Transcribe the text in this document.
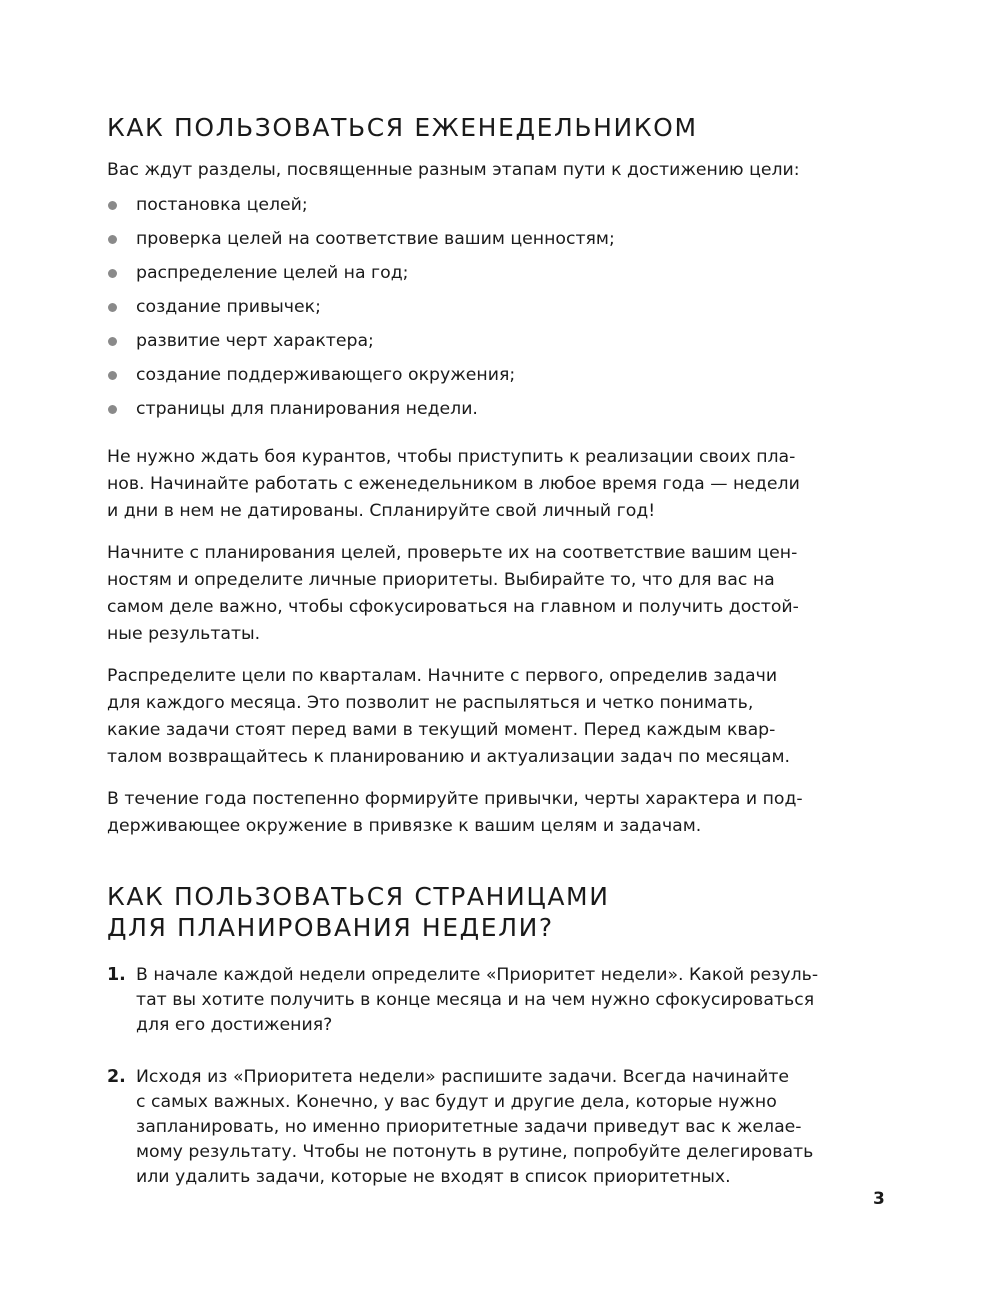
КАК ПОЛЬЗОВАТЬСЯ ЕЖЕНЕДЕЛЬНИКОМ

Вас ждут разделы, посвященные разным этапам пути к достижению цели:

постановка целей;
проверка целей на соответствие вашим ценностям;
распределение целей на год;
создание привычек;
развитие черт характера;
создание поддерживающего окружения;
страницы для планирования недели.

Не нужно ждать боя курантов, чтобы приступить к реализации своих пла-
нов. Начинайте работать с еженедельником в любое время года — недели
и дни в нем не датированы. Спланируйте свой личный год!

Начните с планирования целей, проверьте их на соответствие вашим цен-
ностям и определите личные приоритеты. Выбирайте то, что для вас на
самом деле важно, чтобы сфокусироваться на главном и получить достой-
ные результаты.

Распределите цели по кварталам. Начните с первого, определив задачи
для каждого месяца. Это позволит не распыляться и четко понимать,
какие задачи стоят перед вами в текущий момент. Перед каждым квар-
талом возвращайтесь к планированию и актуализации задач по месяцам.

В течение года постепенно формируйте привычки, черты характера и под-
держивающее окружение в привязке к вашим целям и задачам.

КАК ПОЛЬЗОВАТЬСЯ СТРАНИЦАМИ
ДЛЯ ПЛАНИРОВАНИЯ НЕДЕЛИ?
1. В начале каждой недели определите «Приоритет недели». Какой резуль-
тат вы хотите получить в конце месяца и на чем нужно сфокусироваться
для его достижения?
2. Исходя из «Приоритета недели» распишите задачи. Всегда начинайте
с самых важных. Конечно, у вас будут и другие дела, которые нужно
запланировать, но именно приоритетные задачи приведут вас к желае-
мому результату. Чтобы не потонуть в рутине, попробуйте делегировать
или удалить задачи, которые не входят в список приоритетных.
3
